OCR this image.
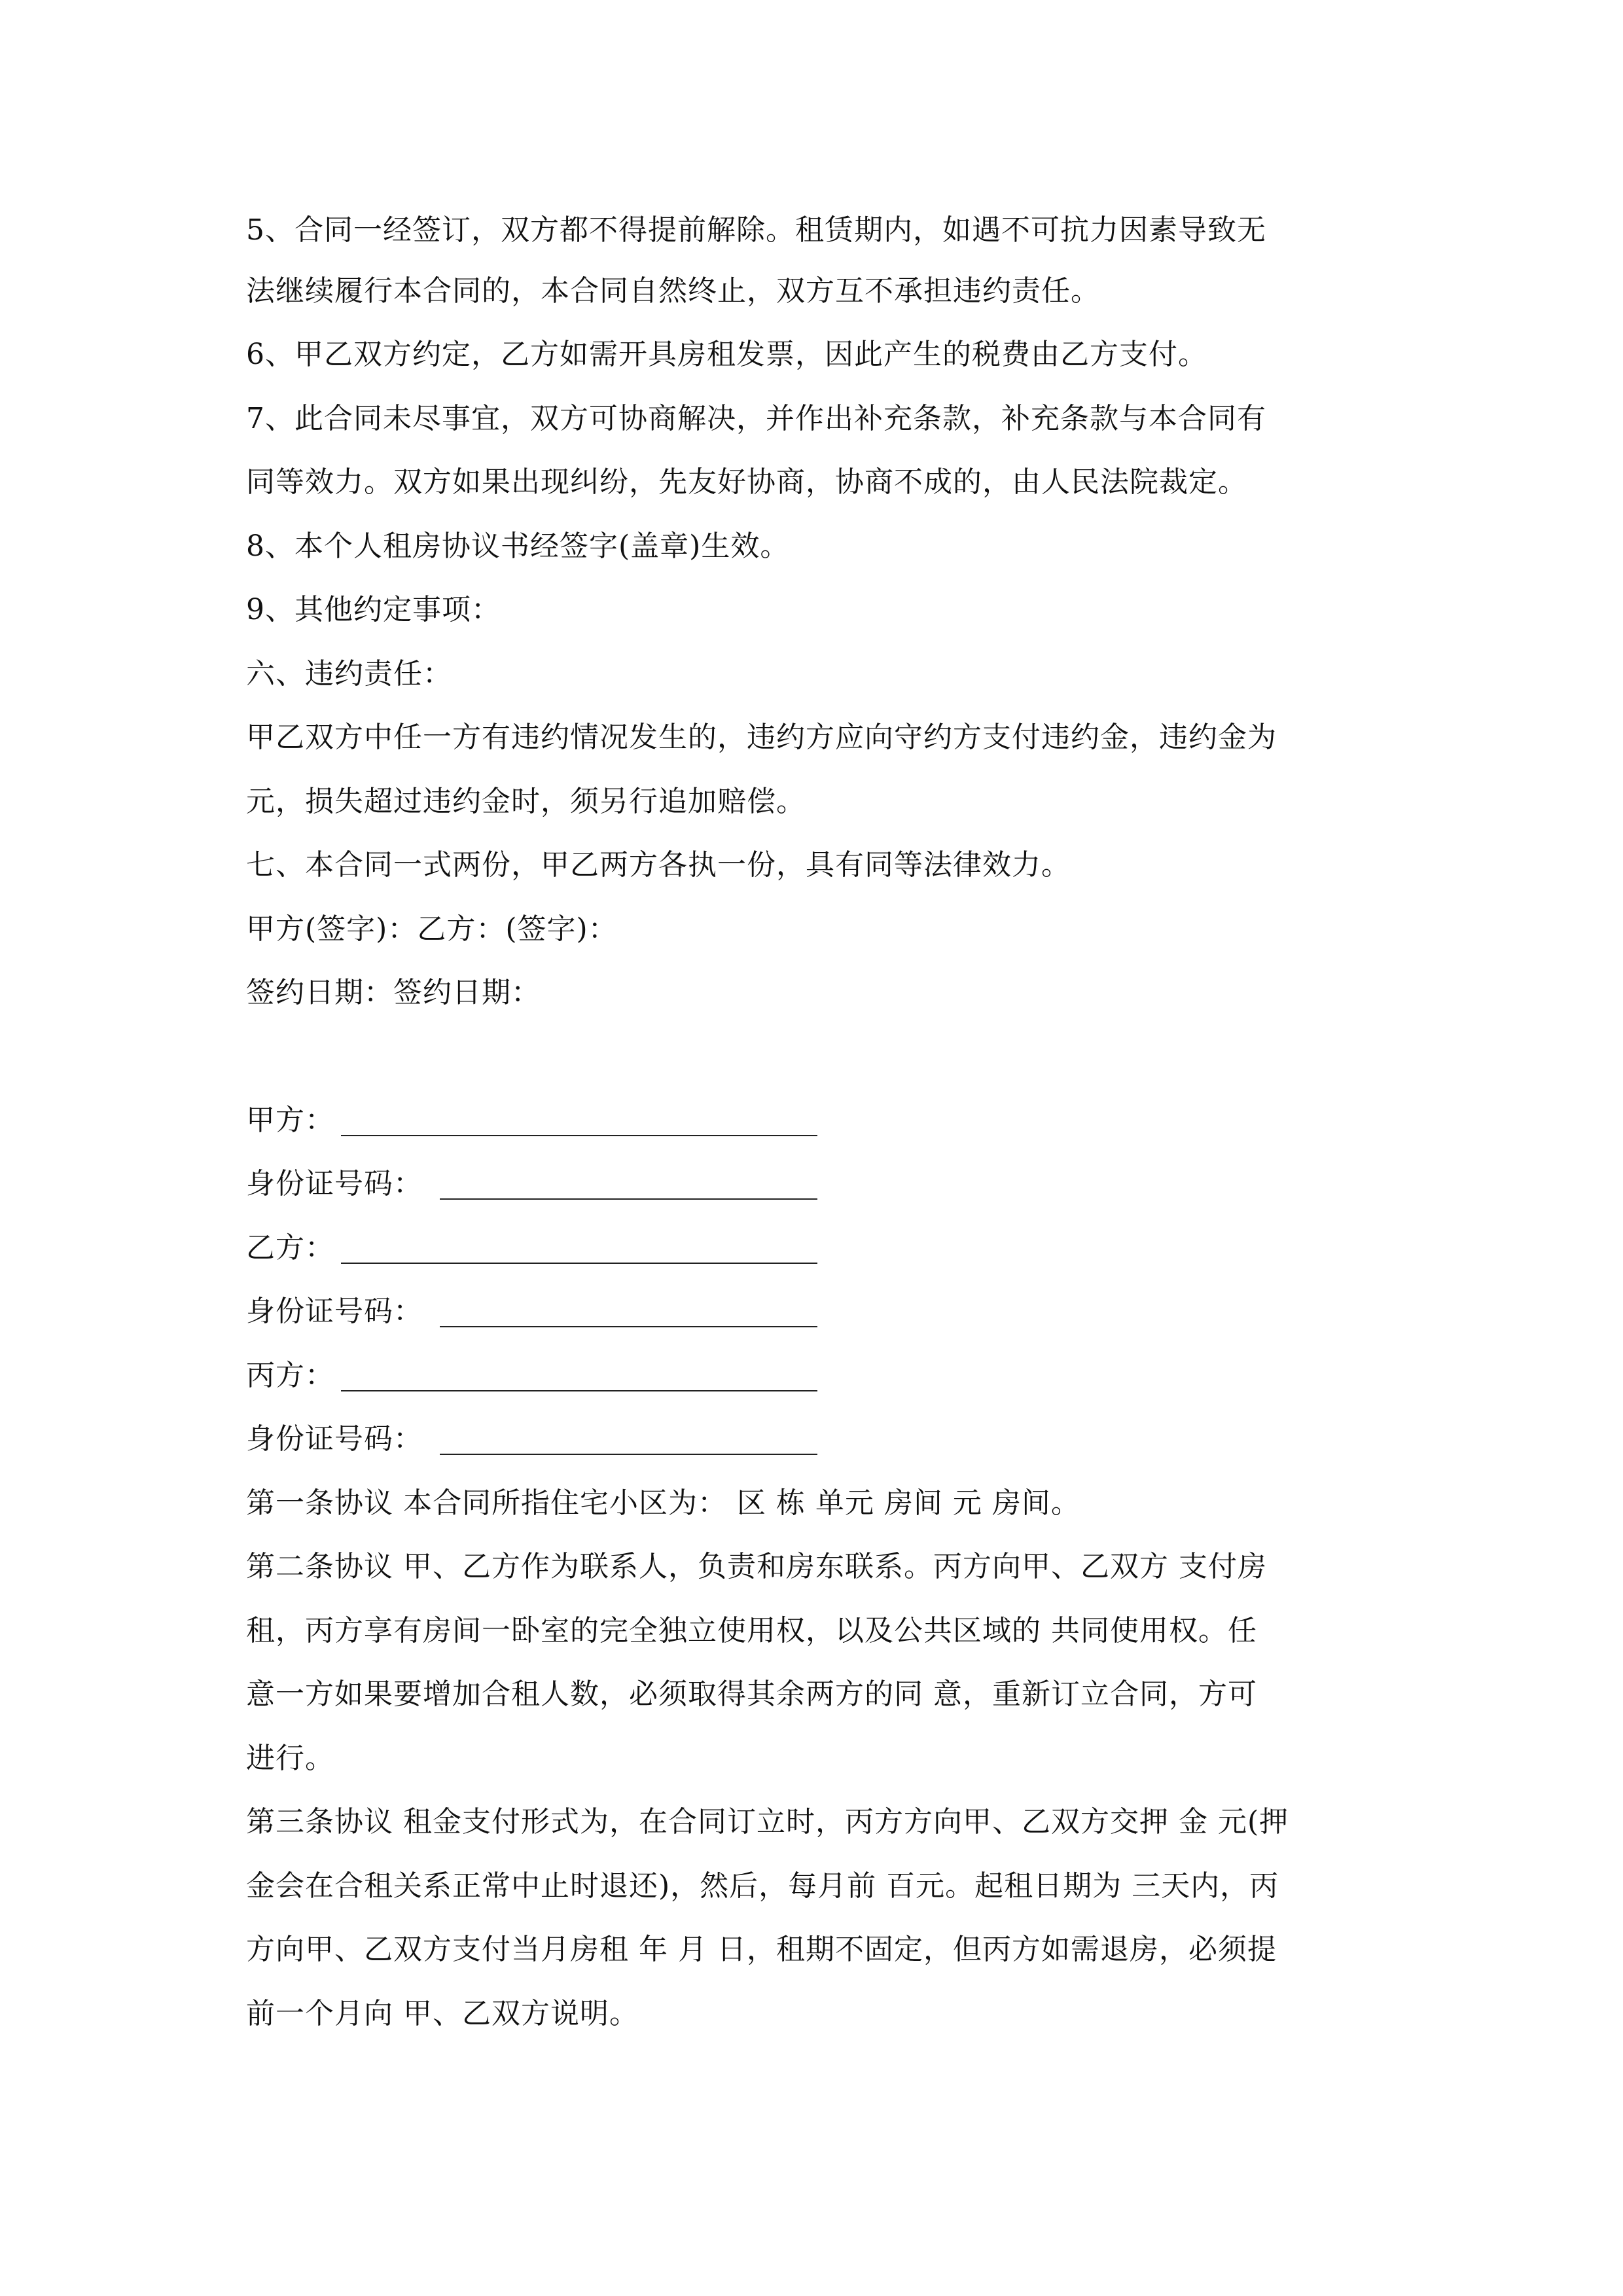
5、合同一经签订，双方都不得提前解除。租赁期内，如遇不可抗力因素导致无
法继续履行本合同的，本合同自然终止，双方互不承担违约责任。
6、甲乙双方约定，乙方如需开具房租发票，因此产生的税费由乙方支付。
7、此合同未尽事宜，双方可协商解决，并作出补充条款，补充条款与本合同有
同等效力。双方如果出现纠纷，先友好协商，协商不成的，由人民法院裁定。
8、本个人租房协议书经签字(盖章)生效。
9、其他约定事项：
六、违约责任：
甲乙双方中任一方有违约情况发生的，违约方应向守约方支付违约金，违约金为
元，损失超过违约金时，须另行追加赔偿。
七、本合同一式两份，甲乙两方各执一份，具有同等法律效力。
甲方(签字)：乙方：(签字)：
签约日期：签约日期：
甲方：
身份证号码：
乙方：
身份证号码：
丙方：
身份证号码：
第一条协议 本合同所指住宅小区为： 区 栋 单元 房间 元 房间。
第二条协议 甲、乙方作为联系人，负责和房东联系。丙方向甲、乙双方 支付房
租，丙方享有房间一卧室的完全独立使用权，以及公共区域的 共同使用权。任
意一方如果要增加合租人数，必须取得其余两方的同 意，重新订立合同，方可
进行。
第三条协议 租金支付形式为，在合同订立时，丙方方向甲、乙双方交押 金 元(押
金会在合租关系正常中止时退还)，然后，每月前 百元。起租日期为 三天内，丙
方向甲、乙双方支付当月房租 年 月 日，租期不固定，但丙方如需退房，必须提
前一个月向 甲、乙双方说明。
